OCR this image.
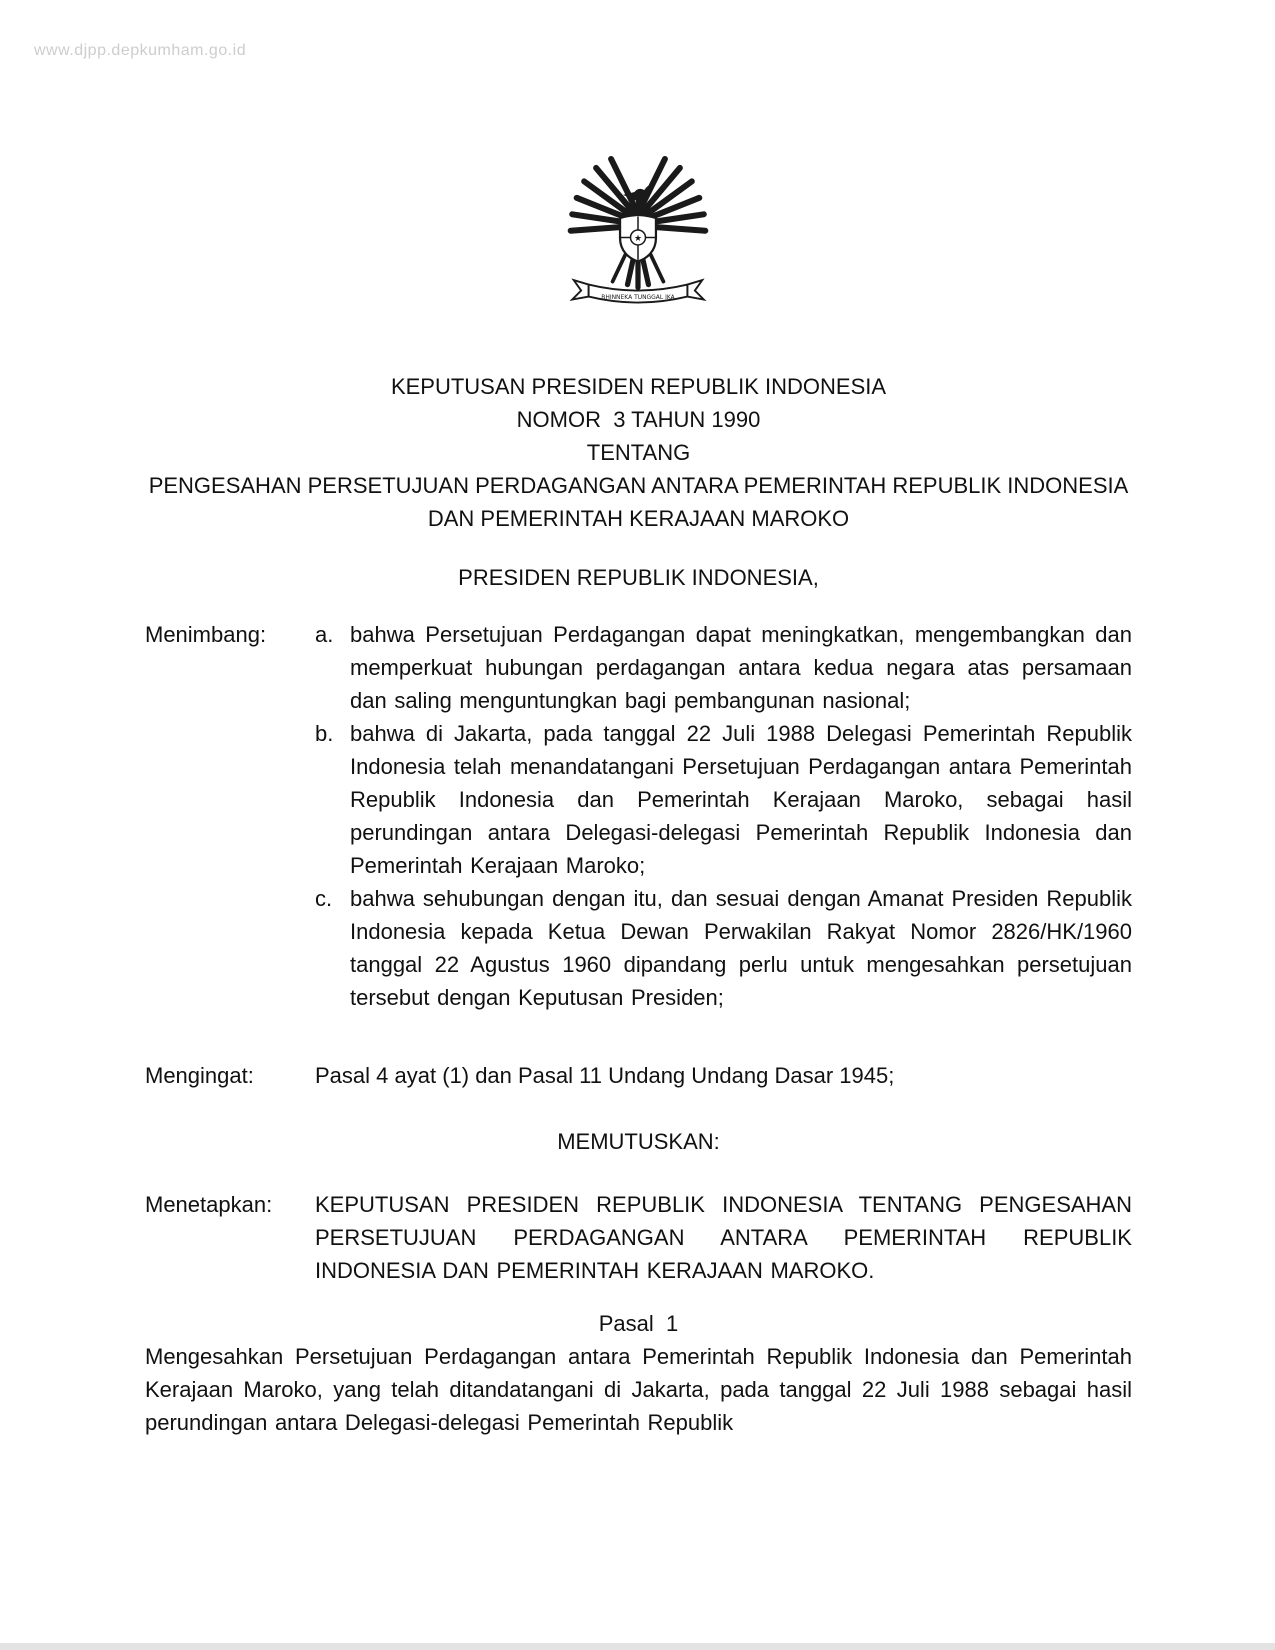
www.djpp.depkumham.go.id
★
BHINNEKA TUNGGAL IKA
KEPUTUSAN PRESIDEN REPUBLIK INDONESIA
NOMOR  3 TAHUN 1990
TENTANG
PENGESAHAN PERSETUJUAN PERDAGANGAN ANTARA PEMERINTAH REPUBLIK INDONESIA
DAN PEMERINTAH KERAJAAN MAROKO
PRESIDEN REPUBLIK INDONESIA,
Menimbang:	a. bahwa Persetujuan Perdagangan dapat meningkatkan, mengembangkan dan memperkuat hubungan perdagangan antara kedua negara atas persamaan dan saling menguntungkan bagi pembangunan nasional;
b. bahwa di Jakarta, pada tanggal 22 Juli 1988 Delegasi Pemerintah Republik Indonesia telah menandatangani Persetujuan Perdagangan antara Pemerintah Republik Indonesia dan Pemerintah Kerajaan Maroko, sebagai hasil perundingan antara Delegasi-delegasi Pemerintah Republik Indonesia dan Pemerintah Kerajaan Maroko;
c. bahwa sehubungan dengan itu, dan sesuai dengan Amanat Presiden Republik Indonesia kepada Ketua Dewan Perwakilan Rakyat Nomor 2826/HK/1960 tanggal 22 Agustus 1960 dipandang perlu untuk mengesahkan persetujuan tersebut dengan Keputusan Presiden;
Mengingat:	Pasal 4 ayat (1) dan Pasal 11 Undang Undang Dasar 1945;
MEMUTUSKAN:
Menetapkan:	KEPUTUSAN PRESIDEN REPUBLIK INDONESIA TENTANG PENGESAHAN PERSETUJUAN PERDAGANGAN ANTARA PEMERINTAH REPUBLIK INDONESIA DAN PEMERINTAH KERAJAAN MAROKO.
Pasal  1
Mengesahkan Persetujuan Perdagangan antara Pemerintah Republik Indonesia dan Pemerintah Kerajaan Maroko, yang telah ditandatangani di Jakarta, pada tanggal 22 Juli 1988 sebagai hasil perundingan antara Delegasi-delegasi Pemerintah Republik
